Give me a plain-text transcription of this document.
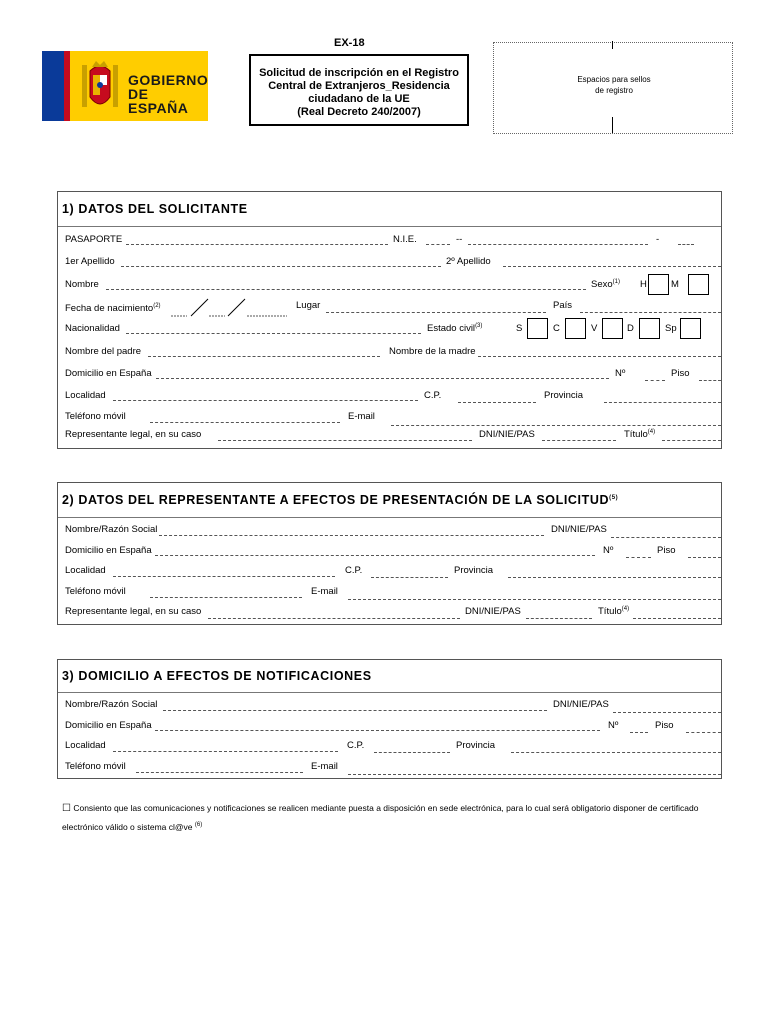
GOBIERNO
DE ESPAÑA
EX-18
Solicitud de inscripción en el Registro
Central de Extranjeros_Residencia
ciudadano de la UE
(Real Decreto 240/2007)
Espacios para sellos
de registro
1) DATOS DEL SOLICITANTE
PASAPORTE	N.I.E.	--	-
1er Apellido	2º Apellido
Nombre	Sexo$^{(1)}$ H	M
Fecha de nacimiento$^{(2)}$	Lugar	País
Nacionalidad	Estado civil$^{(3)}$	S	C	V	D	Sp
Nombre del padre	Nombre de la madre
Domicilio en España	Nº	Piso
Localidad	C.P.	Provincia
Teléfono móvil	E-mail
Representante legal, en su caso	DNI/NIE/PAS	Título$^{(4)}$
2) DATOS DEL REPRESENTANTE A EFECTOS DE PRESENTACIÓN DE LA SOLICITUD$^{(5)}$
Nombre/Razón Social	DNI/NIE/PAS
Domicilio en España	Nº	Piso
Localidad	C.P.	Provincia
Teléfono móvil	E-mail
Representante legal, en su caso	DNI/NIE/PAS	Título$^{(4)}$
3) DOMICILIO A EFECTOS DE NOTIFICACIONES
Nombre/Razón Social	DNI/NIE/PAS
Domicilio en España	Nº	Piso
Localidad	C.P.	Provincia
Teléfono móvil	E-mail
☐ Consiento que las comunicaciones y notificaciones se realicen mediante puesta a disposición en sede electrónica, para lo cual será obligatorio disponer de certificado electrónico válido o sistema cl@ve $^{(6)}$
